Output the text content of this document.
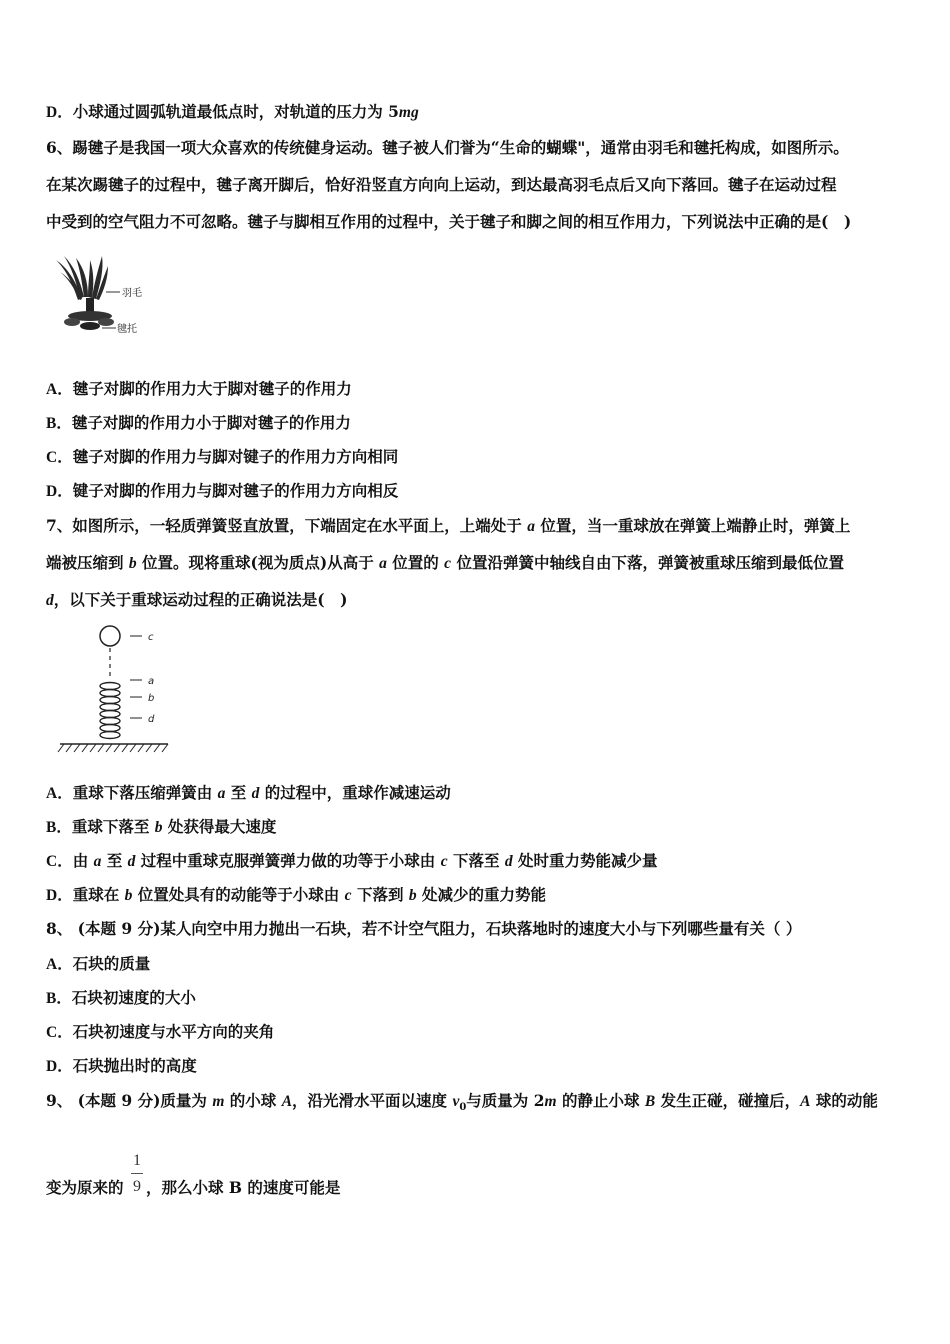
D．小球通过圆弧轨道最低点时，对轨道的压力为 5mg
6、踢毽子是我国一项大众喜欢的传统健身运动。毽子被人们誉为“生命的蝴蝶"，通常由羽毛和毽托构成，如图所示。
在某次踢毽子的过程中，毽子离开脚后，恰好沿竖直方向向上运动，到达最高羽毛点后又向下落回。毽子在运动过程
中受到的空气阻力不可忽略。毽子与脚相互作用的过程中，关于毽子和脚之间的相互作用力，下列说法中正确的是(　)
羽毛
毽托
A．毽子对脚的作用力大于脚对毽子的作用力
B．毽子对脚的作用力小于脚对毽子的作用力
C．毽子对脚的作用力与脚对键子的作用力方向相同
D．键子对脚的作用力与脚对毽子的作用力方向相反
7、如图所示，一轻质弹簧竖直放置，下端固定在水平面上，上端处于 a 位置，当一重球放在弹簧上端静止时，弹簧上
端被压缩到 b 位置。现将重球(视为质点)从高于 a 位置的 c 位置沿弹簧中轴线自由下落，弹簧被重球压缩到最低位置
d，以下关于重球运动过程的正确说法是(　)
c
a
b
d
A．重球下落压缩弹簧由 a 至 d 的过程中，重球作减速运动
B．重球下落至 b 处获得最大速度
C．由 a 至 d 过程中重球克服弹簧弹力做的功等于小球由 c 下落至 d 处时重力势能减少量
D．重球在 b 位置处具有的动能等于小球由 c 下落到 b 处减少的重力势能
8、 (本题 9 分)某人向空中用力抛出一石块，若不计空气阻力，石块落地时的速度大小与下列哪些量有关（ ）
A．石块的质量
B．石块初速度的大小
C．石块初速度与水平方向的夹角
D．石块抛出时的高度
9、 (本题 9 分)质量为 m 的小球 A，沿光滑水平面以速度 $v_0$与质量为 2m 的静止小球 B 发生正碰，碰撞后，A 球的动能
1
9
变为原来的 ，那么小球 B 的速度可能是
